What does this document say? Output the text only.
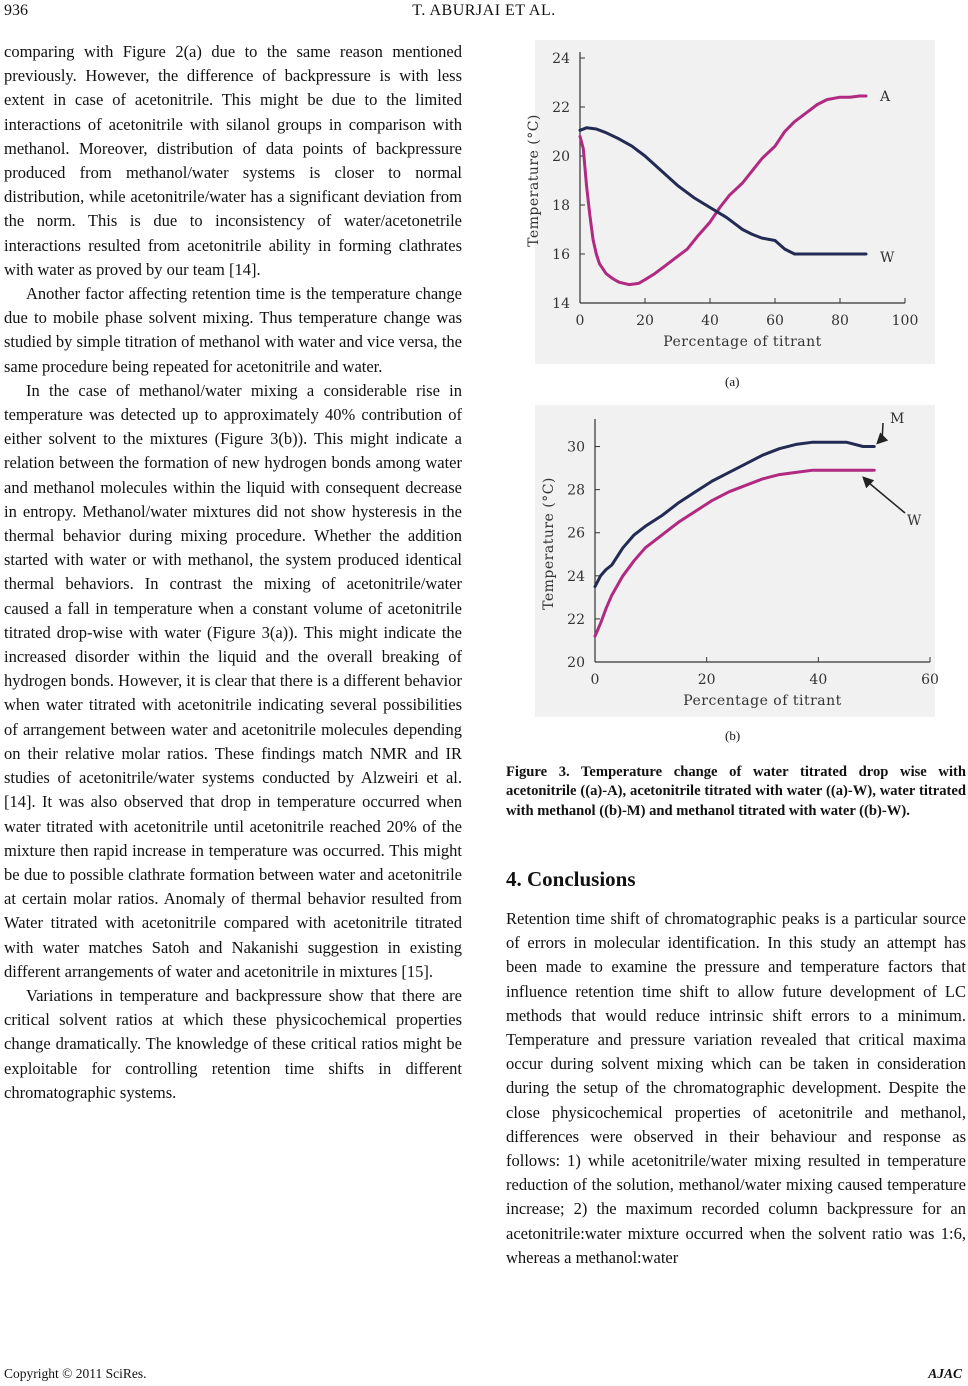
936	T. ABURJAI ET AL.

comparing with Figure 2(a) due to the same reason mentioned previously. However, the difference of backpressure is with less extent in case of acetonitrile. This might be due to the limited interactions of acetonitrile with silanol groups in comparison with methanol. Moreover, distribution of data points of backpressure produced from methanol/water systems is closer to normal distribution, while acetonitrile/water has a significant deviation from the norm. This is due to inconsistency of water/acetonetrile interactions resulted from acetonitrile ability in forming clathrates with water as proved by our team [14].

Another factor affecting retention time is the temperature change due to mobile phase solvent mixing. Thus temperature change was studied by simple titration of methanol with water and vice versa, the same procedure being repeated for acetonitrile and water.

In the case of methanol/water mixing a considerable rise in temperature was detected up to approximately 40% contribution of either solvent to the mixtures (Figure 3(b)). This might indicate a relation between the formation of new hydrogen bonds among water and methanol molecules within the liquid with consequent decrease in entropy. Methanol/water mixtures did not show hysteresis in the thermal behavior during mixing procedure. Whether the addition started with water or with methanol, the system produced identical thermal behaviors. In contrast the mixing of acetonitrile/water caused a fall in temperature when a constant volume of acetonitrile titrated drop-wise with water (Figure 3(a)). This might indicate the increased disorder within the liquid and the overall breaking of hydrogen bonds. However, it is clear that there is a different behavior when water titrated with acetonitrile indicating several possibilities of arrangement between water and acetonitrile molecules depending on their relative molar ratios. These findings match NMR and IR studies of acetonitrile/water systems conducted by Alzweiri et al. [14]. It was also observed that drop in temperature occurred when water titrated with acetonitrile until acetonitrile reached 20% of the mixture then rapid increase in temperature was occurred. This might be due to possible clathrate formation between water and acetonitrile at certain molar ratios. Anomaly of thermal behavior resulted from Water titrated with acetonitrile compared with acetonitrile titrated with water matches Satoh and Nakanishi suggestion in existing different arrangements of water and acetonitrile in mixtures [15].

Variations in temperature and backpressure show that there are critical solvent ratios at which these physicochemical properties change dramatically. The knowledge of these critical ratios might be exploitable for controlling retention time shifts in different chromatographic systems.

0	20	40	60	80	100
14
16
18
20
22
24
Percentage of titrant
Temperature (°C)
A
W
(a)
0	20	40	60
20
22
24
26
28
30
Percentage of titrant
Temperature (°C)
M
W
(b)
Figure 3. Temperature change of water titrated drop wise with acetonitrile ((a)-A), acetonitrile titrated with water ((a)-W), water titrated with methanol ((b)-M) and methanol titrated with water ((b)-W).
4. Conclusions

Retention time shift of chromatographic peaks is a particular source of errors in molecular identification. In this study an attempt has been made to examine the pressure and temperature factors that influence retention time shift to allow future development of LC methods that would reduce intrinsic shift errors to a minimum. Temperature and pressure variation revealed that critical maxima occur during solvent mixing which can be taken in consideration during the setup of the chromatographic development. Despite the close physicochemical properties of acetonitrile and methanol, differences were observed in their behaviour and response as follows: 1) while acetonitrile/water mixing resulted in temperature reduction of the solution, methanol/water mixing caused temperature increase; 2) the maximum recorded column backpressure for an acetonitrile:water mixture occurred when the solvent ratio was 1:6, whereas a methanol:water

Copyright © 2011 SciRes.	AJAC
